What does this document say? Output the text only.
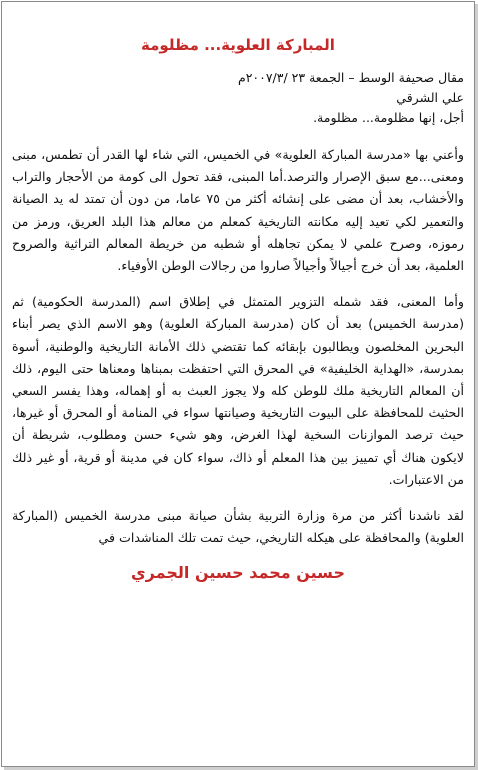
المباركة العلوية... مظلومة
مقال صحيفة الوسط – الجمعة ٢٣ /٢٠٠٧/٣م
علي الشرقي
أجل، إنها مظلومة... مظلومة.

وأعني بها «مدرسة المباركة العلوية» في الخميس، التي شاء لها القدر أن تطمس، مبنى ومعنى...مع سبق الإصرار والترصد.أما المبنى، فقد تحول الى كومة من الأحجار والتراب والأخشاب، بعد أن مضى على إنشائه أكثر من ٧٥ عاما، من دون أن تمتد له يد الصيانة والتعمير لكي تعيد إليه مكانته التاريخية كمعلم من معالم هذا البلد العريق، ورمز من رموزه، وصرح علمي لا يمكن تجاهله أو شطبه من خريطة المعالم التراثية والصروح العلمية، بعد أن خرج أجيالاً وأجيالاً صاروا من رجالات الوطن الأوفياء.

وأما المعنى، فقد شمله التزوير المتمثل في إطلاق اسم (المدرسة الحكومية) ثم (مدرسة الخميس) بعد أن كان (مدرسة المباركة العلوية) وهو الاسم الذي يصر أبناء البحرين المخلصون ويطالبون بإبقائه كما تقتضي ذلك الأمانة التاريخية والوطنية، أسوة بمدرسة، «الهداية الخليفية» في المحرق التي احتفظت بمبناها ومعناها حتى اليوم، ذلك أن المعالم التاريخية ملك للوطن كله ولا يجوز العبث به أو إهماله، وهذا يفسر السعي الحثيث للمحافظة على البيوت التاريخية وصيانتها سواء في المنامة أو المحرق أو غيرها، حيث ترصد الموازنات السخية لهذا الغرض، وهو شيء حسن ومطلوب، شريطة أن لايكون هناك أي تمييز بين هذا المعلم أو ذاك، سواء كان في مدينة أو قرية، أو غير ذلك من الاعتبارات.

لقد ناشدنا أكثر من مرة وزارة التربية بشأن صيانة مبنى مدرسة الخميس (المباركة العلوية) والمحافظة على هيكله التاريخي، حيث تمت تلك المناشدات في

حسين محمد حسين الجمري
